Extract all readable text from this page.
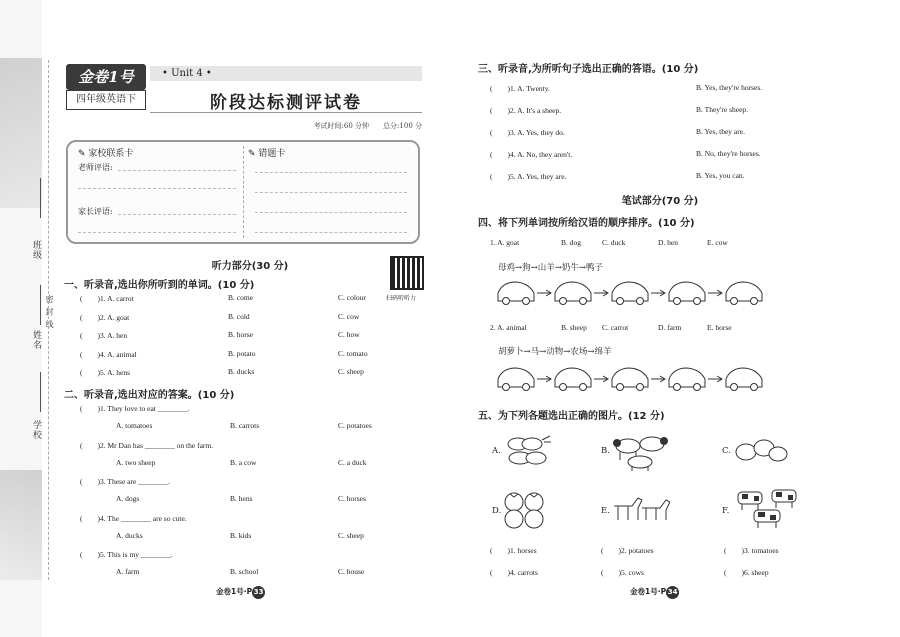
班级
姓名
密 封 线
学校
金卷1号
四年级英语下
• Unit 4 •
阶段达标测评试卷
考试时间:60 分钟　　总分:100 分
✎ 家校联系卡
老师评语:
家长评语:
✎ 错题卡
听力部分(30 分)
扫码听听力
一、听录音,选出你所听到的单词。(10 分)
(　　)1. A. carrot	B. come	C. colour
(　　)2. A. goat	B. cold	C. cow
(　　)3. A. hen	B. horse	C. how
(　　)4. A. animal	B. potato	C. tomato
(　　)5. A. hens	B. ducks	C. sheep
二、听录音,选出对应的答案。(10 分)
(　　)1. They love to eat ________.
A. tomatoes	B. carrots	C. potatoes
(　　)2. Mr Dan has ________ on the farm.
A. two sheep	B. a cow	C. a duck
(　　)3. These are ________.
A. dogs	B. hens	C. horses
(　　)4. The ________ are so cute.
A. ducks	B. kids	C. sheep
(　　)5. This is my ________.
A. farm	B. school	C. house
金卷1号·P 33
三、听录音,为所听句子选出正确的答语。(10 分)
(　　)1. A. Twenty.	B. Yes, they're horses.
(　　)2. A. It's a sheep.	B. They're sheep.
(　　)3. A. Yes, they do.	B. Yes, they are.
(　　)4. A. No, they aren't.	B. No, they're horses.
(　　)5. A. Yes, they are.	B. Yes, you can.
笔试部分(70 分)
四、将下列单词按所给汉语的顺序排序。(10 分)
1. A. goat	B. dog	C. duck	D. hen	E. cow
母鸡→狗→山羊→奶牛→鸭子
2. A. animal	B. sheep C. carrot	D. farm	E. horse
胡萝卜→马→动物→农场→绵羊
五、为下列各题选出正确的图片。(12 分)
A.	B.	C.
D.	E.	F.
(　　)1. horses	(　　)2. potatoes	(　　)3. tomatoes
(　　)4. carrots	(　　)5. cows	(　　)6. sheep
金卷1号·P 34
